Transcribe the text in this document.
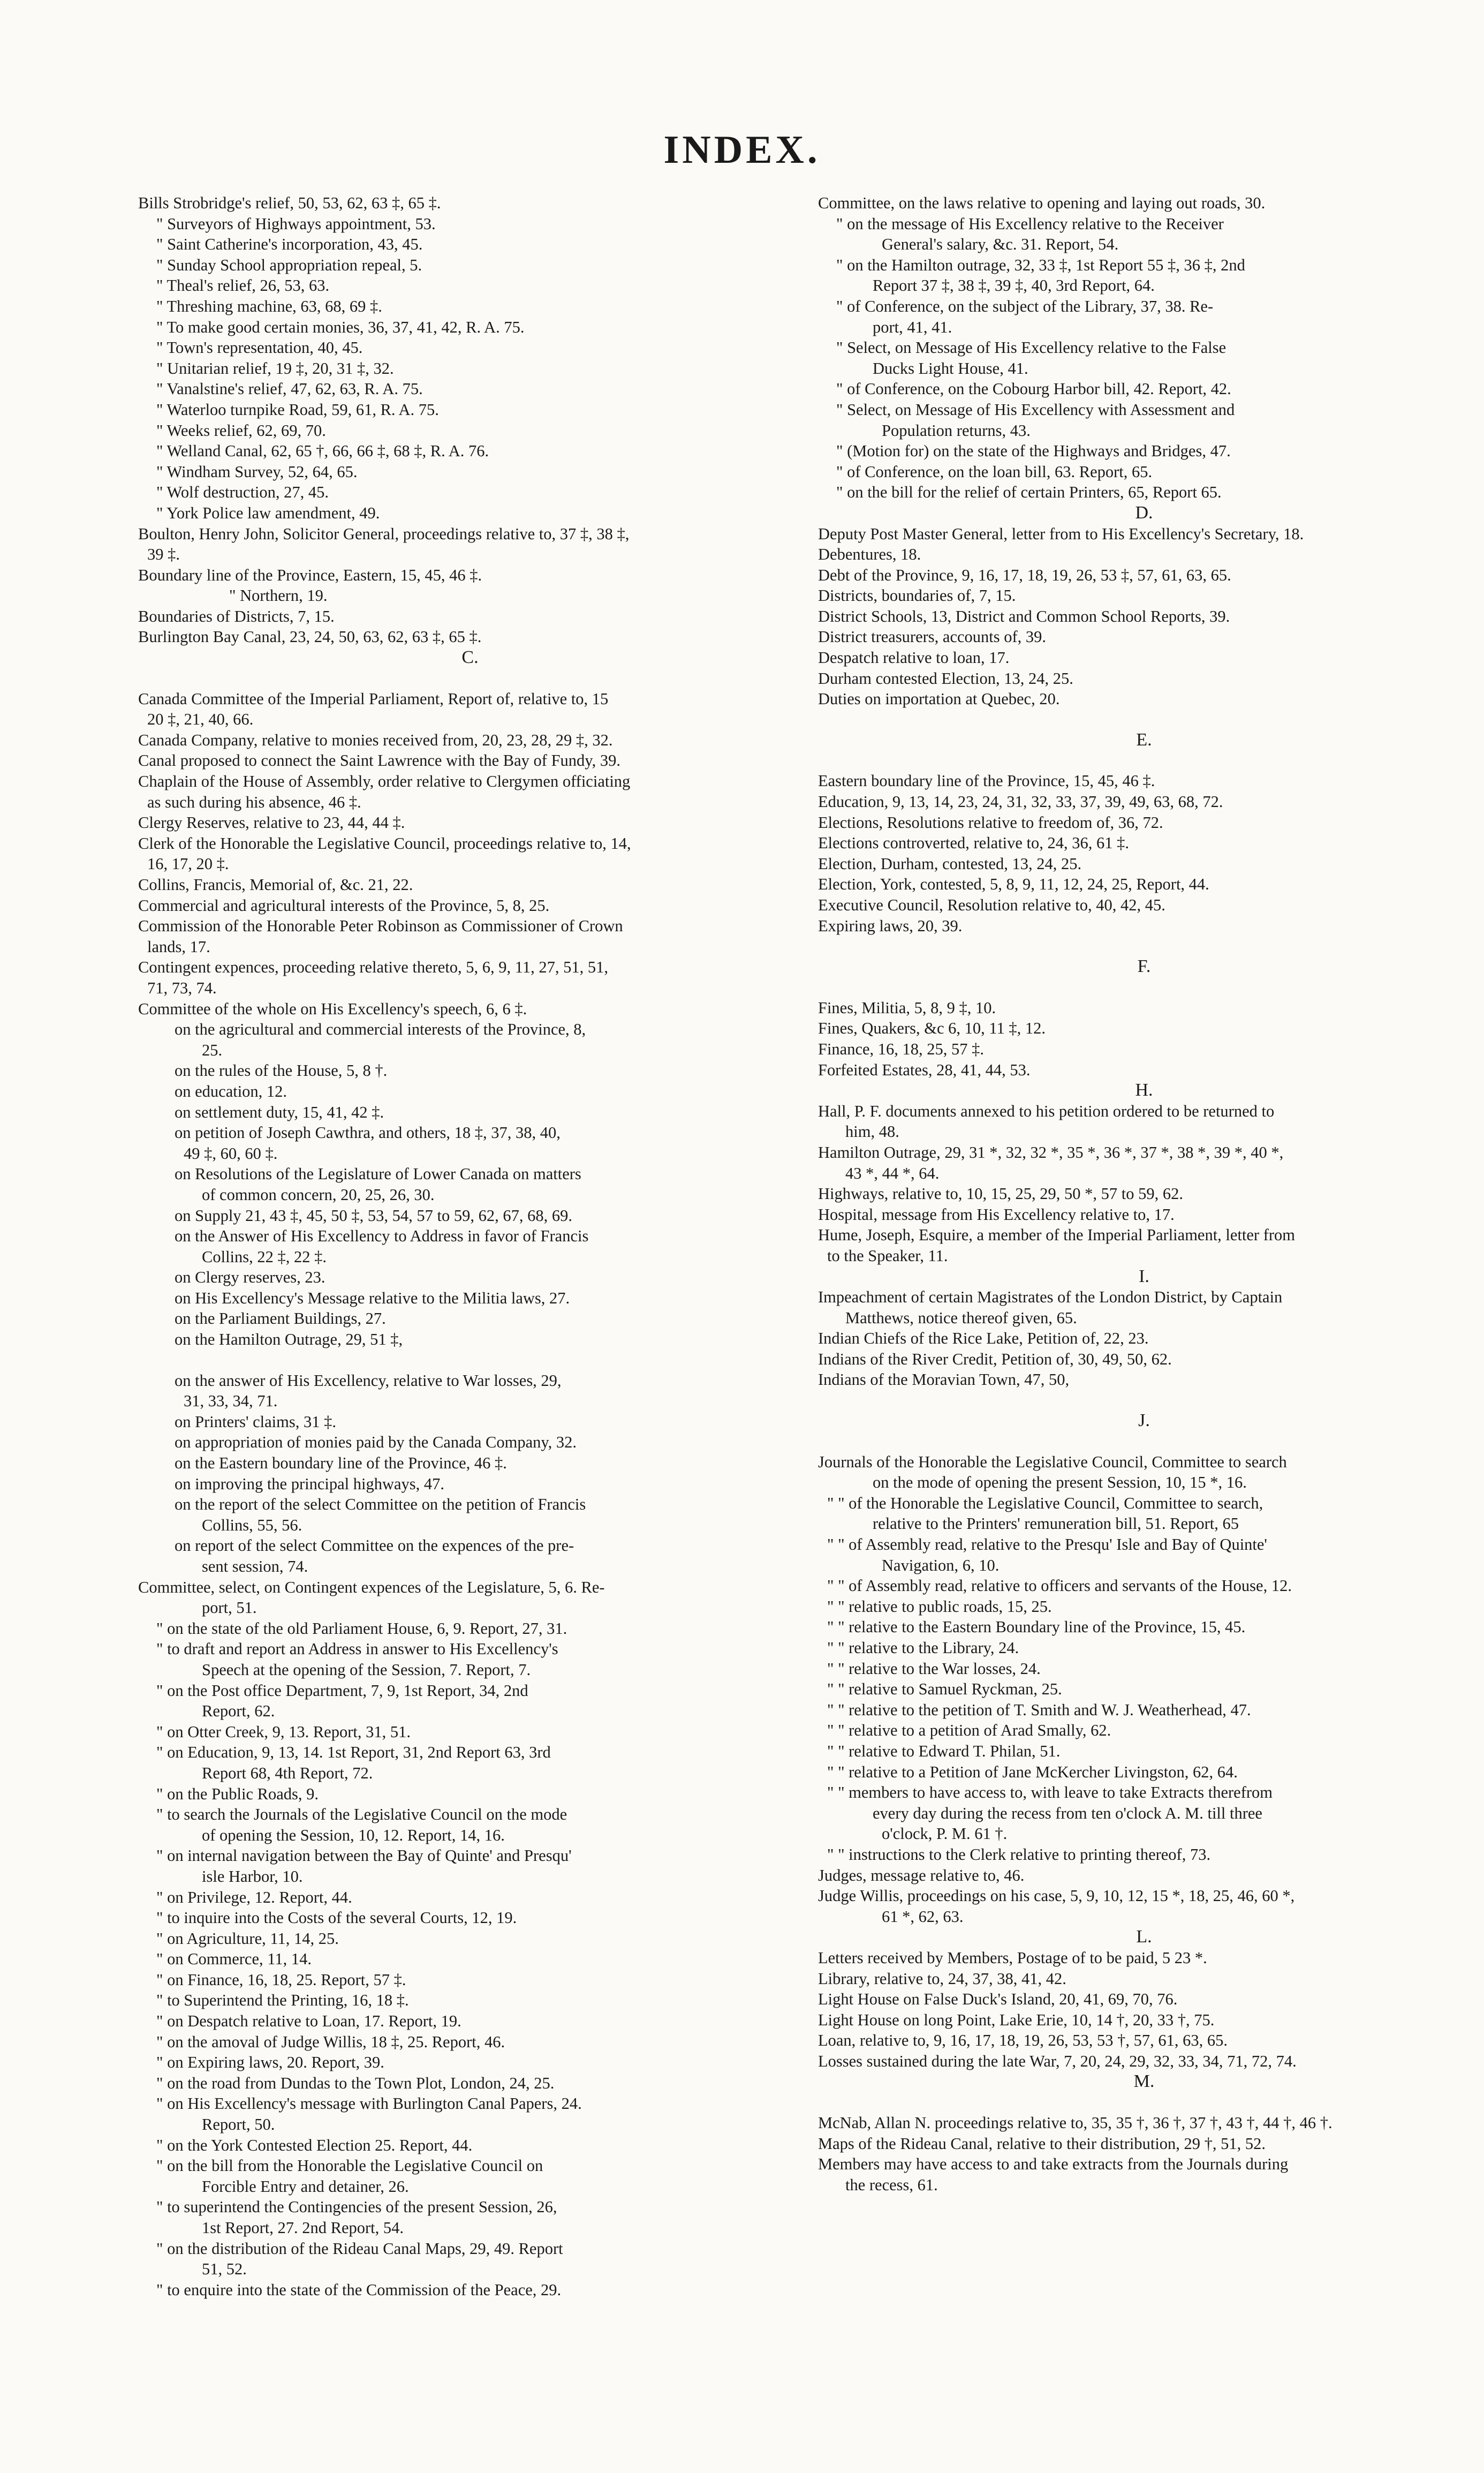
INDEX.
Bills Strobridge's relief, 50, 53, 62, 63 ‡, 65 ‡.
" Surveyors of Highways appointment, 53.
" Saint Catherine's incorporation, 43, 45.
" Sunday School appropriation repeal, 5.
" Theal's relief, 26, 53, 63.
" Threshing machine, 63, 68, 69 ‡.
" To make good certain monies, 36, 37, 41, 42, R. A. 75.
" Town's representation, 40, 45.
" Unitarian relief, 19 ‡, 20, 31 ‡, 32.
" Vanalstine's relief, 47, 62, 63, R. A. 75.
" Waterloo turnpike Road, 59, 61, R. A. 75.
" Weeks relief, 62, 69, 70.
" Welland Canal, 62, 65 †, 66, 66 ‡, 68 ‡, R. A. 76.
" Windham Survey, 52, 64, 65.
" Wolf destruction, 27, 45.
" York Police law amendment, 49.
Boulton, Henry John, Solicitor General, proceedings relative to, 37 ‡, 38 ‡,
39 ‡.
Boundary line of the Province, Eastern, 15, 45, 46 ‡.
" Northern, 19.
Boundaries of Districts, 7, 15.
Burlington Bay Canal, 23, 24, 50, 63, 62, 63 ‡, 65 ‡.
C.
Canada Committee of the Imperial Parliament, Report of, relative to, 15
20 ‡, 21, 40, 66.
Canada Company, relative to monies received from, 20, 23, 28, 29 ‡, 32.
Canal proposed to connect the Saint Lawrence with the Bay of Fundy, 39.
Chaplain of the House of Assembly, order relative to Clergymen officiating
as such during his absence, 46 ‡.
Clergy Reserves, relative to 23, 44, 44 ‡.
Clerk of the Honorable the Legislative Council, proceedings relative to, 14,
16, 17, 20 ‡.
Collins, Francis, Memorial of, &c. 21, 22.
Commercial and agricultural interests of the Province, 5, 8, 25.
Commission of the Honorable Peter Robinson as Commissioner of Crown
lands, 17.
Contingent expences, proceeding relative thereto, 5, 6, 9, 11, 27, 51, 51,
71, 73, 74.
Committee of the whole on His Excellency's speech, 6, 6 ‡.
on the agricultural and commercial interests of the Province, 8,
25.
on the rules of the House, 5, 8 †.
on education, 12.
on settlement duty, 15, 41, 42 ‡.
on petition of Joseph Cawthra, and others, 18 ‡, 37, 38, 40,
49 ‡, 60, 60 ‡.
on Resolutions of the Legislature of Lower Canada on matters
of common concern, 20, 25, 26, 30.
on Supply 21, 43 ‡, 45, 50 ‡, 53, 54, 57 to 59, 62, 67, 68, 69.
on the Answer of His Excellency to Address in favor of Francis
Collins, 22 ‡, 22 ‡.
on Clergy reserves, 23.
on His Excellency's Message relative to the Militia laws, 27.
on the Parliament Buildings, 27.
on the Hamilton Outrage, 29, 51 ‡,
on the answer of His Excellency, relative to War losses, 29,
31, 33, 34, 71.
on Printers' claims, 31 ‡.
on appropriation of monies paid by the Canada Company, 32.
on the Eastern boundary line of the Province, 46 ‡.
on improving the principal highways, 47.
on the report of the select Committee on the petition of Francis
Collins, 55, 56.
on report of the select Committee on the expences of the pre-
sent session, 74.
Committee, select, on Contingent expences of the Legislature, 5, 6. Re-
port, 51.
" on the state of the old Parliament House, 6, 9. Report, 27, 31.
" to draft and report an Address in answer to His Excellency's
Speech at the opening of the Session, 7. Report, 7.
" on the Post office Department, 7, 9, 1st Report, 34, 2nd
Report, 62.
" on Otter Creek, 9, 13. Report, 31, 51.
" on Education, 9, 13, 14. 1st Report, 31, 2nd Report 63, 3rd
Report 68, 4th Report, 72.
" on the Public Roads, 9.
" to search the Journals of the Legislative Council on the mode
of opening the Session, 10, 12. Report, 14, 16.
" on internal navigation between the Bay of Quinte' and Presqu'
isle Harbor, 10.
" on Privilege, 12. Report, 44.
" to inquire into the Costs of the several Courts, 12, 19.
" on Agriculture, 11, 14, 25.
" on Commerce, 11, 14.
" on Finance, 16, 18, 25. Report, 57 ‡.
" to Superintend the Printing, 16, 18 ‡.
" on Despatch relative to Loan, 17. Report, 19.
" on the amoval of Judge Willis, 18 ‡, 25. Report, 46.
" on Expiring laws, 20. Report, 39.
" on the road from Dundas to the Town Plot, London, 24, 25.
" on His Excellency's message with Burlington Canal Papers, 24.
Report, 50.
" on the York Contested Election 25. Report, 44.
" on the bill from the Honorable the Legislative Council on
Forcible Entry and detainer, 26.
" to superintend the Contingencies of the present Session, 26,
1st Report, 27. 2nd Report, 54.
" on the distribution of the Rideau Canal Maps, 29, 49. Report
51, 52.
" to enquire into the state of the Commission of the Peace, 29.
Committee, on the laws relative to opening and laying out roads, 30.
" on the message of His Excellency relative to the Receiver
General's salary, &c. 31. Report, 54.
" on the Hamilton outrage, 32, 33 ‡, 1st Report 55 ‡, 36 ‡, 2nd
Report 37 ‡, 38 ‡, 39 ‡, 40, 3rd Report, 64.
" of Conference, on the subject of the Library, 37, 38. Re-
port, 41, 41.
" Select, on Message of His Excellency relative to the False
Ducks Light House, 41.
" of Conference, on the Cobourg Harbor bill, 42. Report, 42.
" Select, on Message of His Excellency with Assessment and
Population returns, 43.
" (Motion for) on the state of the Highways and Bridges, 47.
" of Conference, on the loan bill, 63. Report, 65.
" on the bill for the relief of certain Printers, 65, Report 65.
D.
Deputy Post Master General, letter from to His Excellency's Secretary, 18.
Debentures, 18.
Debt of the Province, 9, 16, 17, 18, 19, 26, 53 ‡, 57, 61, 63, 65.
Districts, boundaries of, 7, 15.
District Schools, 13, District and Common School Reports, 39.
District treasurers, accounts of, 39.
Despatch relative to loan, 17.
Durham contested Election, 13, 24, 25.
Duties on importation at Quebec, 20.
E.
Eastern boundary line of the Province, 15, 45, 46 ‡.
Education, 9, 13, 14, 23, 24, 31, 32, 33, 37, 39, 49, 63, 68, 72.
Elections, Resolutions relative to freedom of, 36, 72.
Elections controverted, relative to, 24, 36, 61 ‡.
Election, Durham, contested, 13, 24, 25.
Election, York, contested, 5, 8, 9, 11, 12, 24, 25, Report, 44.
Executive Council, Resolution relative to, 40, 42, 45.
Expiring laws, 20, 39.
F.
Fines, Militia, 5, 8, 9 ‡, 10.
Fines, Quakers, &c 6, 10, 11 ‡, 12.
Finance, 16, 18, 25, 57 ‡.
Forfeited Estates, 28, 41, 44, 53.
H.
Hall, P. F. documents annexed to his petition ordered to be returned to
him, 48.
Hamilton Outrage, 29, 31 *, 32, 32 *, 35 *, 36 *, 37 *, 38 *, 39 *, 40 *,
43 *, 44 *, 64.
Highways, relative to, 10, 15, 25, 29, 50 *, 57 to 59, 62.
Hospital, message from His Excellency relative to, 17.
Hume, Joseph, Esquire, a member of the Imperial Parliament, letter from
to the Speaker, 11.
I.
Impeachment of certain Magistrates of the London District, by Captain
Matthews, notice thereof given, 65.
Indian Chiefs of the Rice Lake, Petition of, 22, 23.
Indians of the River Credit, Petition of, 30, 49, 50, 62.
Indians of the Moravian Town, 47, 50,
J.
Journals of the Honorable the Legislative Council, Committee to search
on the mode of opening the present Session, 10, 15 *, 16.
" " of the Honorable the Legislative Council, Committee to search,
relative to the Printers' remuneration bill, 51. Report, 65
" " of Assembly read, relative to the Presqu' Isle and Bay of Quinte'
Navigation, 6, 10.
" " of Assembly read, relative to officers and servants of the House, 12.
" " relative to public roads, 15, 25.
" " relative to the Eastern Boundary line of the Province, 15, 45.
" " relative to the Library, 24.
" " relative to the War losses, 24.
" " relative to Samuel Ryckman, 25.
" " relative to the petition of T. Smith and W. J. Weatherhead, 47.
" " relative to a petition of Arad Smally, 62.
" " relative to Edward T. Philan, 51.
" " relative to a Petition of Jane McKercher Livingston, 62, 64.
" " members to have access to, with leave to take Extracts therefrom
every day during the recess from ten o'clock A. M. till three
o'clock, P. M. 61 †.
" " instructions to the Clerk relative to printing thereof, 73.
Judges, message relative to, 46.
Judge Willis, proceedings on his case, 5, 9, 10, 12, 15 *, 18, 25, 46, 60 *,
61 *, 62, 63.
L.
Letters received by Members, Postage of to be paid, 5 23 *.
Library, relative to, 24, 37, 38, 41, 42.
Light House on False Duck's Island, 20, 41, 69, 70, 76.
Light House on long Point, Lake Erie, 10, 14 †, 20, 33 †, 75.
Loan, relative to, 9, 16, 17, 18, 19, 26, 53, 53 †, 57, 61, 63, 65.
Losses sustained during the late War, 7, 20, 24, 29, 32, 33, 34, 71, 72, 74.
M.
McNab, Allan N. proceedings relative to, 35, 35 †, 36 †, 37 †, 43 †, 44 †, 46 †.
Maps of the Rideau Canal, relative to their distribution, 29 †, 51, 52.
Members may have access to and take extracts from the Journals during
the recess, 61.
